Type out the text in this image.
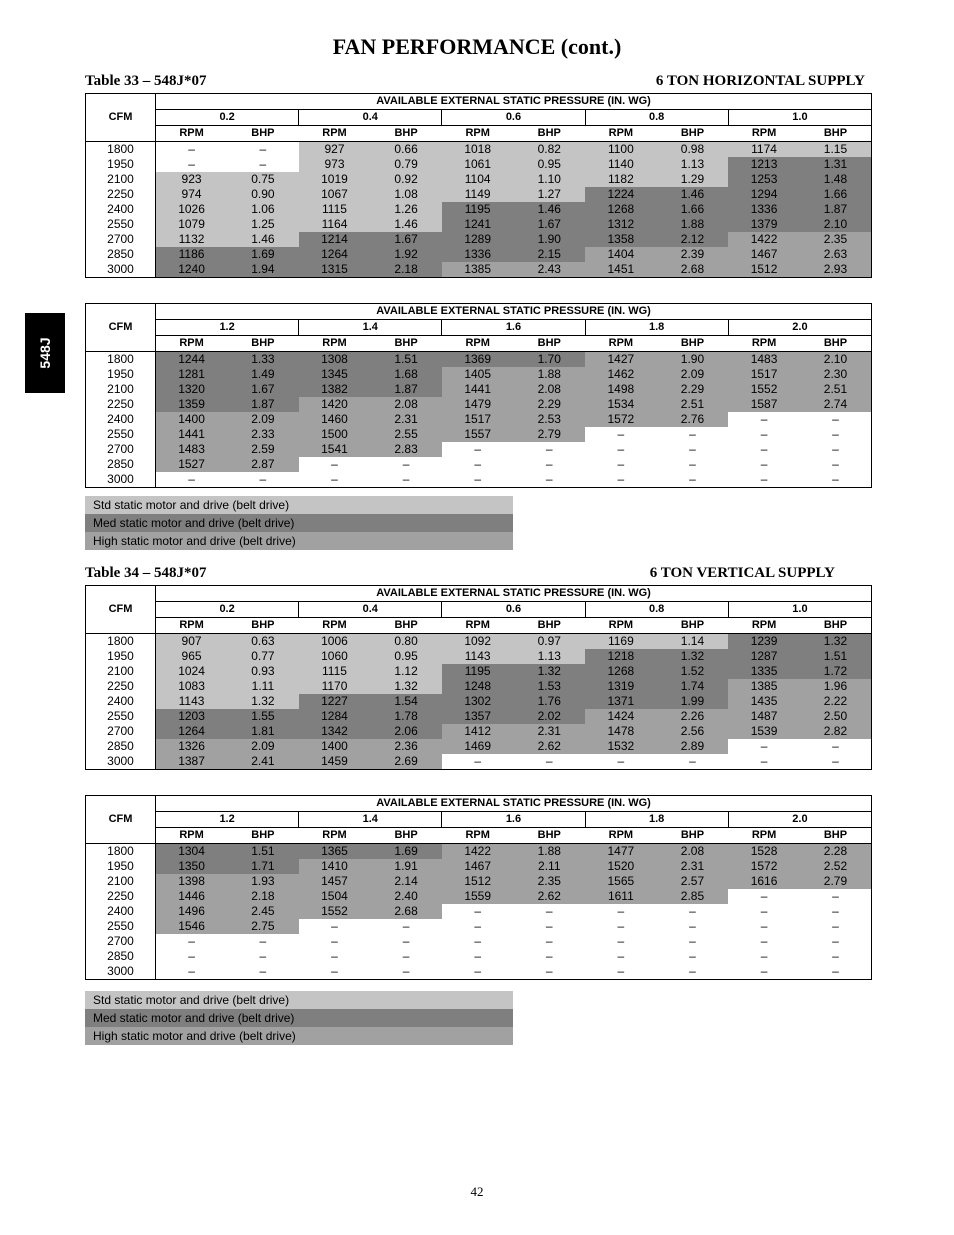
FAN PERFORMANCE (cont.)
548J
Table 33 – 548J*07	6 TON HORIZONTAL SUPPLY
CFM	AVAILABLE EXTERNAL STATIC PRESSURE (IN. WG)									
	0.2		0.4		0.6		0.8		1.0	
	RPM	BHP	RPM	BHP	RPM	BHP	RPM	BHP	RPM	BHP
1800	–	–	927	0.66	1018	0.82	1100	0.98	1174	1.15
1950	–	–	973	0.79	1061	0.95	1140	1.13	1213	1.31
2100	923	0.75	1019	0.92	1104	1.10	1182	1.29	1253	1.48
2250	974	0.90	1067	1.08	1149	1.27	1224	1.46	1294	1.66
2400	1026	1.06	1115	1.26	1195	1.46	1268	1.66	1336	1.87
2550	1079	1.25	1164	1.46	1241	1.67	1312	1.88	1379	2.10
2700	1132	1.46	1214	1.67	1289	1.90	1358	2.12	1422	2.35
2850	1186	1.69	1264	1.92	1336	2.15	1404	2.39	1467	2.63
3000	1240	1.94	1315	2.18	1385	2.43	1451	2.68	1512	2.93
CFM	AVAILABLE EXTERNAL STATIC PRESSURE (IN. WG)									
	1.2		1.4		1.6		1.8		2.0	
	RPM	BHP	RPM	BHP	RPM	BHP	RPM	BHP	RPM	BHP
1800	1244	1.33	1308	1.51	1369	1.70	1427	1.90	1483	2.10
1950	1281	1.49	1345	1.68	1405	1.88	1462	2.09	1517	2.30
2100	1320	1.67	1382	1.87	1441	2.08	1498	2.29	1552	2.51
2250	1359	1.87	1420	2.08	1479	2.29	1534	2.51	1587	2.74
2400	1400	2.09	1460	2.31	1517	2.53	1572	2.76	–	–
2550	1441	2.33	1500	2.55	1557	2.79	–	–	–	–
2700	1483	2.59	1541	2.83	–	–	–	–	–	–
2850	1527	2.87	–	–	–	–	–	–	–	–
3000	–	–	–	–	–	–	–	–	–	–
Std static motor and drive (belt drive)
Med static motor and drive (belt drive)
High static motor and drive (belt drive)
Table 34 – 548J*07	6 TON VERTICAL SUPPLY
CFM	AVAILABLE EXTERNAL STATIC PRESSURE (IN. WG)									
	0.2		0.4		0.6		0.8		1.0	
	RPM	BHP	RPM	BHP	RPM	BHP	RPM	BHP	RPM	BHP
1800	907	0.63	1006	0.80	1092	0.97	1169	1.14	1239	1.32
1950	965	0.77	1060	0.95	1143	1.13	1218	1.32	1287	1.51
2100	1024	0.93	1115	1.12	1195	1.32	1268	1.52	1335	1.72
2250	1083	1.11	1170	1.32	1248	1.53	1319	1.74	1385	1.96
2400	1143	1.32	1227	1.54	1302	1.76	1371	1.99	1435	2.22
2550	1203	1.55	1284	1.78	1357	2.02	1424	2.26	1487	2.50
2700	1264	1.81	1342	2.06	1412	2.31	1478	2.56	1539	2.82
2850	1326	2.09	1400	2.36	1469	2.62	1532	2.89	–	–
3000	1387	2.41	1459	2.69	–	–	–	–	–	–
CFM	AVAILABLE EXTERNAL STATIC PRESSURE (IN. WG)									
	1.2		1.4		1.6		1.8		2.0	
	RPM	BHP	RPM	BHP	RPM	BHP	RPM	BHP	RPM	BHP
1800	1304	1.51	1365	1.69	1422	1.88	1477	2.08	1528	2.28
1950	1350	1.71	1410	1.91	1467	2.11	1520	2.31	1572	2.52
2100	1398	1.93	1457	2.14	1512	2.35	1565	2.57	1616	2.79
2250	1446	2.18	1504	2.40	1559	2.62	1611	2.85	–	–
2400	1496	2.45	1552	2.68	–	–	–	–	–	–
2550	1546	2.75	–	–	–	–	–	–	–	–
2700	–	–	–	–	–	–	–	–	–	–
2850	–	–	–	–	–	–	–	–	–	–
3000	–	–	–	–	–	–	–	–	–	–
Std static motor and drive (belt drive)
Med static motor and drive (belt drive)
High static motor and drive (belt drive)
42
